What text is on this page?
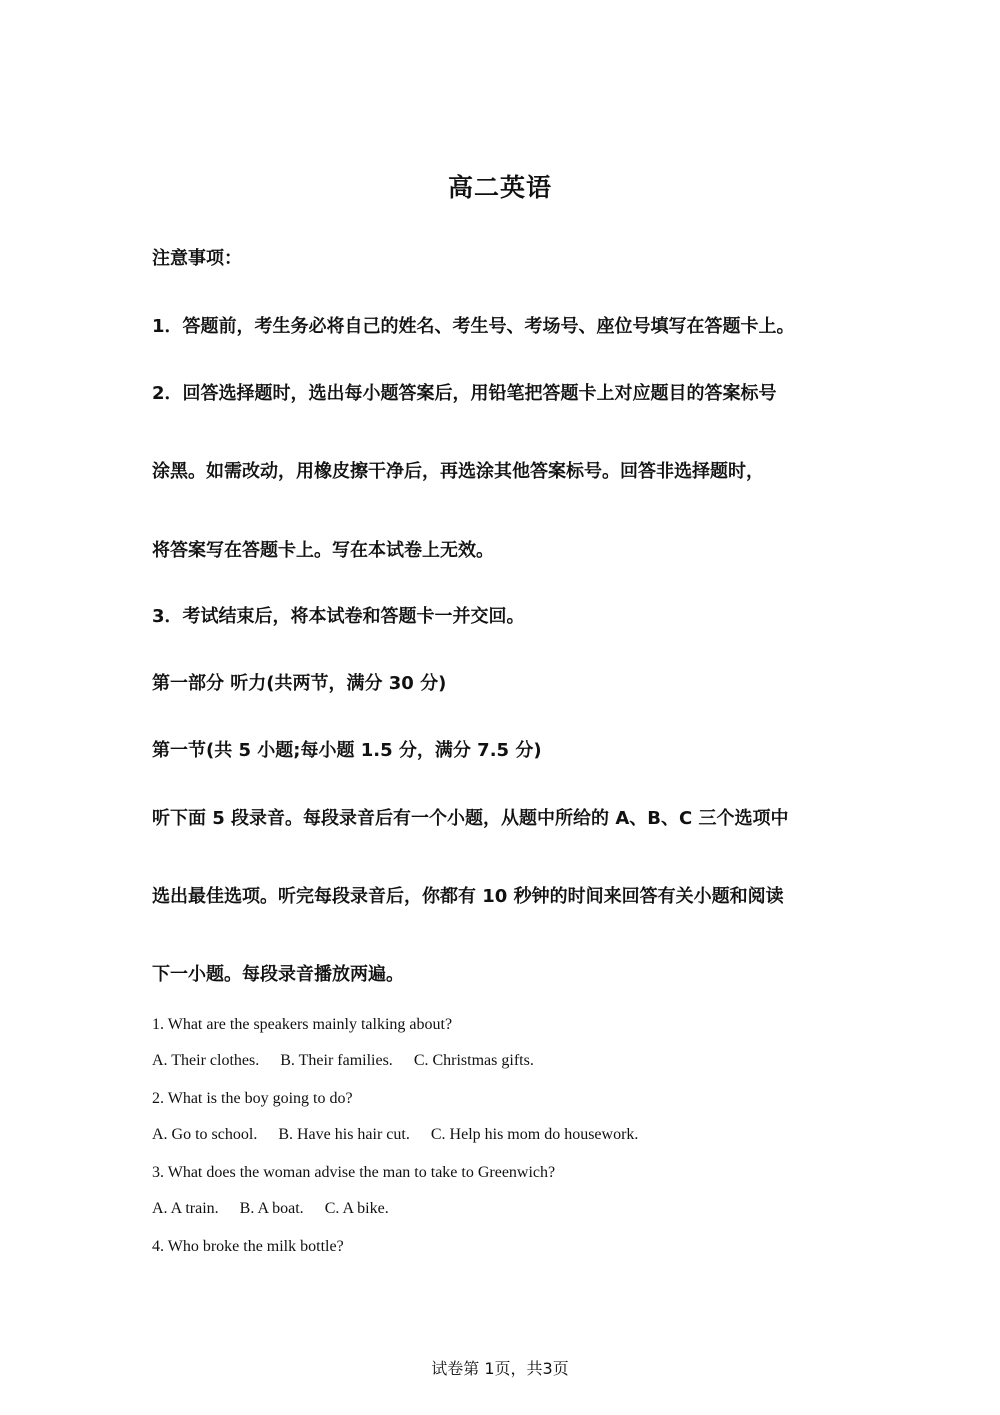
高二英语
注意事项：
1．答题前，考生务必将自己的姓名、考生号、考场号、座位号填写在答题卡上。
2．回答选择题时，选出每小题答案后，用铅笔把答题卡上对应题目的答案标号
涂黑。如需改动，用橡皮擦干净后，再选涂其他答案标号。回答非选择题时，
将答案写在答题卡上。写在本试卷上无效。
3．考试结束后，将本试卷和答题卡一并交回。
第一部分 听力(共两节，满分 30 分)
第一节(共 5 小题;每小题 1.5 分，满分 7.5 分)
听下面 5 段录音。每段录音后有一个小题，从题中所给的 A、B、C 三个选项中
选出最佳选项。听完每段录音后，你都有 10 秒钟的时间来回答有关小题和阅读
下一小题。每段录音播放两遍。
1. What are the speakers mainly talking about?
A. Their clothes. B. Their families. C. Christmas gifts.
2. What is the boy going to do?
A. Go to school. B. Have his hair cut. C. Help his mom do housework.
3. What does the woman advise the man to take to Greenwich?
A. A train. B. A boat. C. A bike.
4. Who broke the milk bottle?
试卷第 1页，共3页
